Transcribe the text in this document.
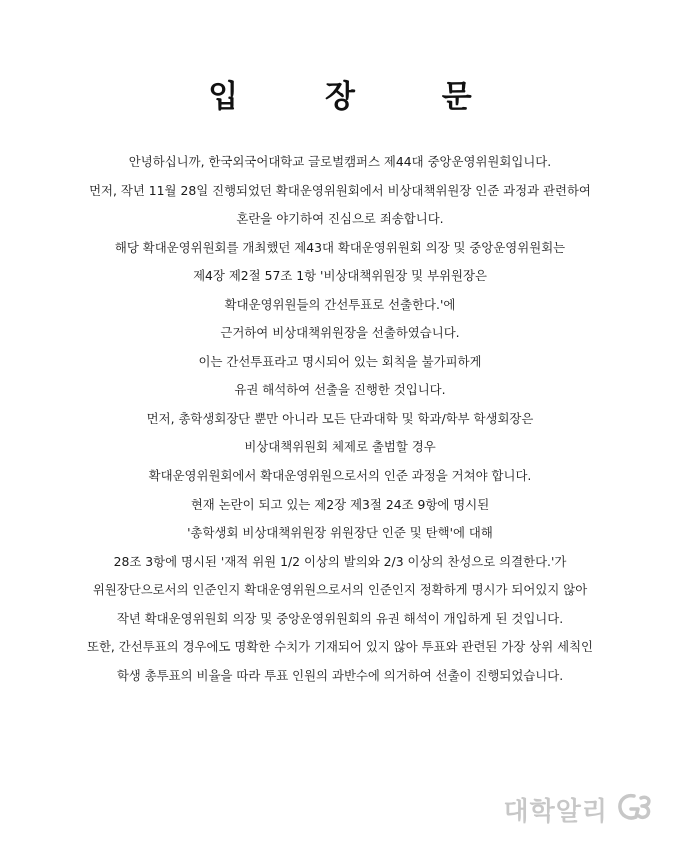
입 장 문
안녕하십니까, 한국외국어대학교 글로벌캠퍼스 제44대 중앙운영위원회입니다.
먼저, 작년 11월 28일 진행되었던 확대운영위원회에서 비상대책위원장 인준 과정과 관련하여
혼란을 야기하여 진심으로 죄송합니다.
해당 확대운영위원회를 개최했던 제43대 확대운영위원회 의장 및 중앙운영위원회는
제4장 제2절 57조 1항 '비상대책위원장 및 부위원장은
확대운영위원들의 간선투표로 선출한다.'에
근거하여 비상대책위원장을 선출하였습니다.
이는 간선투표라고 명시되어 있는 회칙을 불가피하게
유권 해석하여 선출을 진행한 것입니다.
먼저, 총학생회장단 뿐만 아니라 모든 단과대학 및 학과/학부 학생회장은
비상대책위원회 체제로 출범할 경우
확대운영위원회에서 확대운영위원으로서의 인준 과정을 거쳐야 합니다.
현재 논란이 되고 있는 제2장 제3절 24조 9항에 명시된
'총학생회 비상대책위원장 위원장단 인준 및 탄핵'에 대해
28조 3항에 명시된 '재적 위원 1/2 이상의 발의와 2/3 이상의 찬성으로 의결한다.'가
위원장단으로서의 인준인지 확대운영위원으로서의 인준인지 정확하게 명시가 되어있지 않아
작년 확대운영위원회 의장 및 중앙운영위원회의 유권 해석이 개입하게 된 것입니다.
또한, 간선투표의 경우에도 명확한 수치가 기재되어 있지 않아 투표와 관련된 가장 상위 세칙인
학생 총투표의 비율을 따라 투표 인원의 과반수에 의거하여 선출이 진행되었습니다.
대학알리
